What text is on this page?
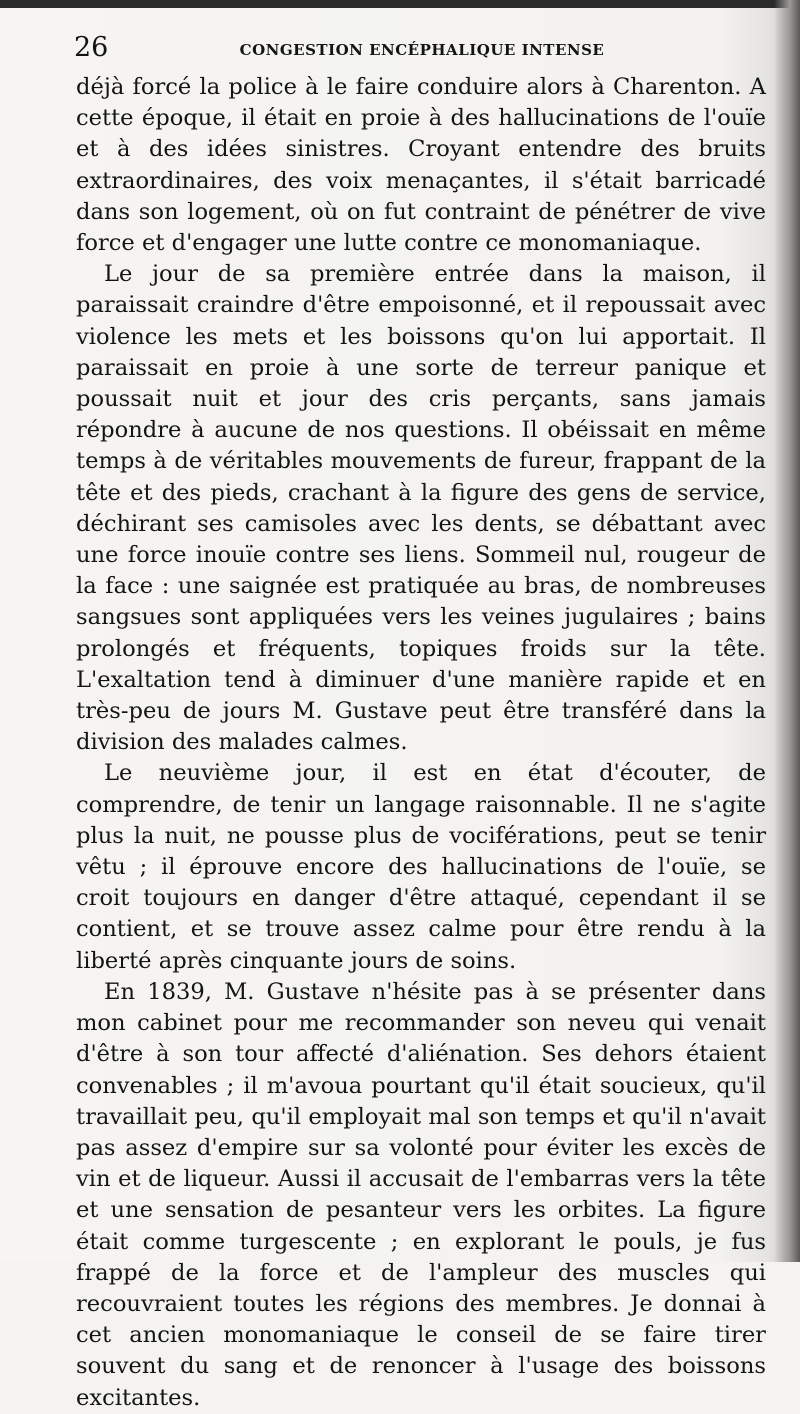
26	CONGESTION ENCÉPHALIQUE INTENSE

déjà forcé la police à le faire conduire alors à Charenton. A cette époque, il était en proie à des hallucinations de l'ouïe et à des idées sinistres. Croyant entendre des bruits extraordinaires, des voix menaçantes, il s'était barricadé dans son logement, où on fut contraint de pénétrer de vive force et d'engager une lutte contre ce monomaniaque.

Le jour de sa première entrée dans la maison, il paraissait craindre d'être empoisonné, et il repoussait avec violence les mets et les boissons qu'on lui apportait. Il paraissait en proie à une sorte de terreur panique et poussait nuit et jour des cris perçants, sans jamais répondre à aucune de nos questions. Il obéissait en même temps à de véritables mouvements de fureur, frappant de la tête et des pieds, crachant à la figure des gens de service, déchirant ses camisoles avec les dents, se débattant avec une force inouïe contre ses liens. Sommeil nul, rougeur de la face : une saignée est pratiquée au bras, de nombreuses sangsues sont appliquées vers les veines jugulaires ; bains prolongés et fréquents, topiques froids sur la tête. L'exaltation tend à diminuer d'une manière rapide et en très-peu de jours M. Gustave peut être transféré dans la division des malades calmes.

Le neuvième jour, il est en état d'écouter, de comprendre, de tenir un langage raisonnable. Il ne s'agite plus la nuit, ne pousse plus de vociférations, peut se tenir vêtu ; il éprouve encore des hallucinations de l'ouïe, se croit toujours en danger d'être attaqué, cependant il se contient, et se trouve assez calme pour être rendu à la liberté après cinquante jours de soins.

En 1839, M. Gustave n'hésite pas à se présenter dans mon cabinet pour me recommander son neveu qui venait d'être à son tour affecté d'aliénation. Ses dehors étaient convenables ; il m'avoua pourtant qu'il était soucieux, qu'il travaillait peu, qu'il employait mal son temps et qu'il n'avait pas assez d'empire sur sa volonté pour éviter les excès de vin et de liqueur. Aussi il accusait de l'embarras vers la tête et une sensation de pesanteur vers les orbites. La figure était comme turgescente ; en explorant le pouls, je fus frappé de la force et de l'ampleur des muscles qui recouvraient toutes les régions des membres. Je donnai à cet ancien monomaniaque le conseil de se faire tirer souvent du sang et de renoncer à l'usage des boissons excitantes.
